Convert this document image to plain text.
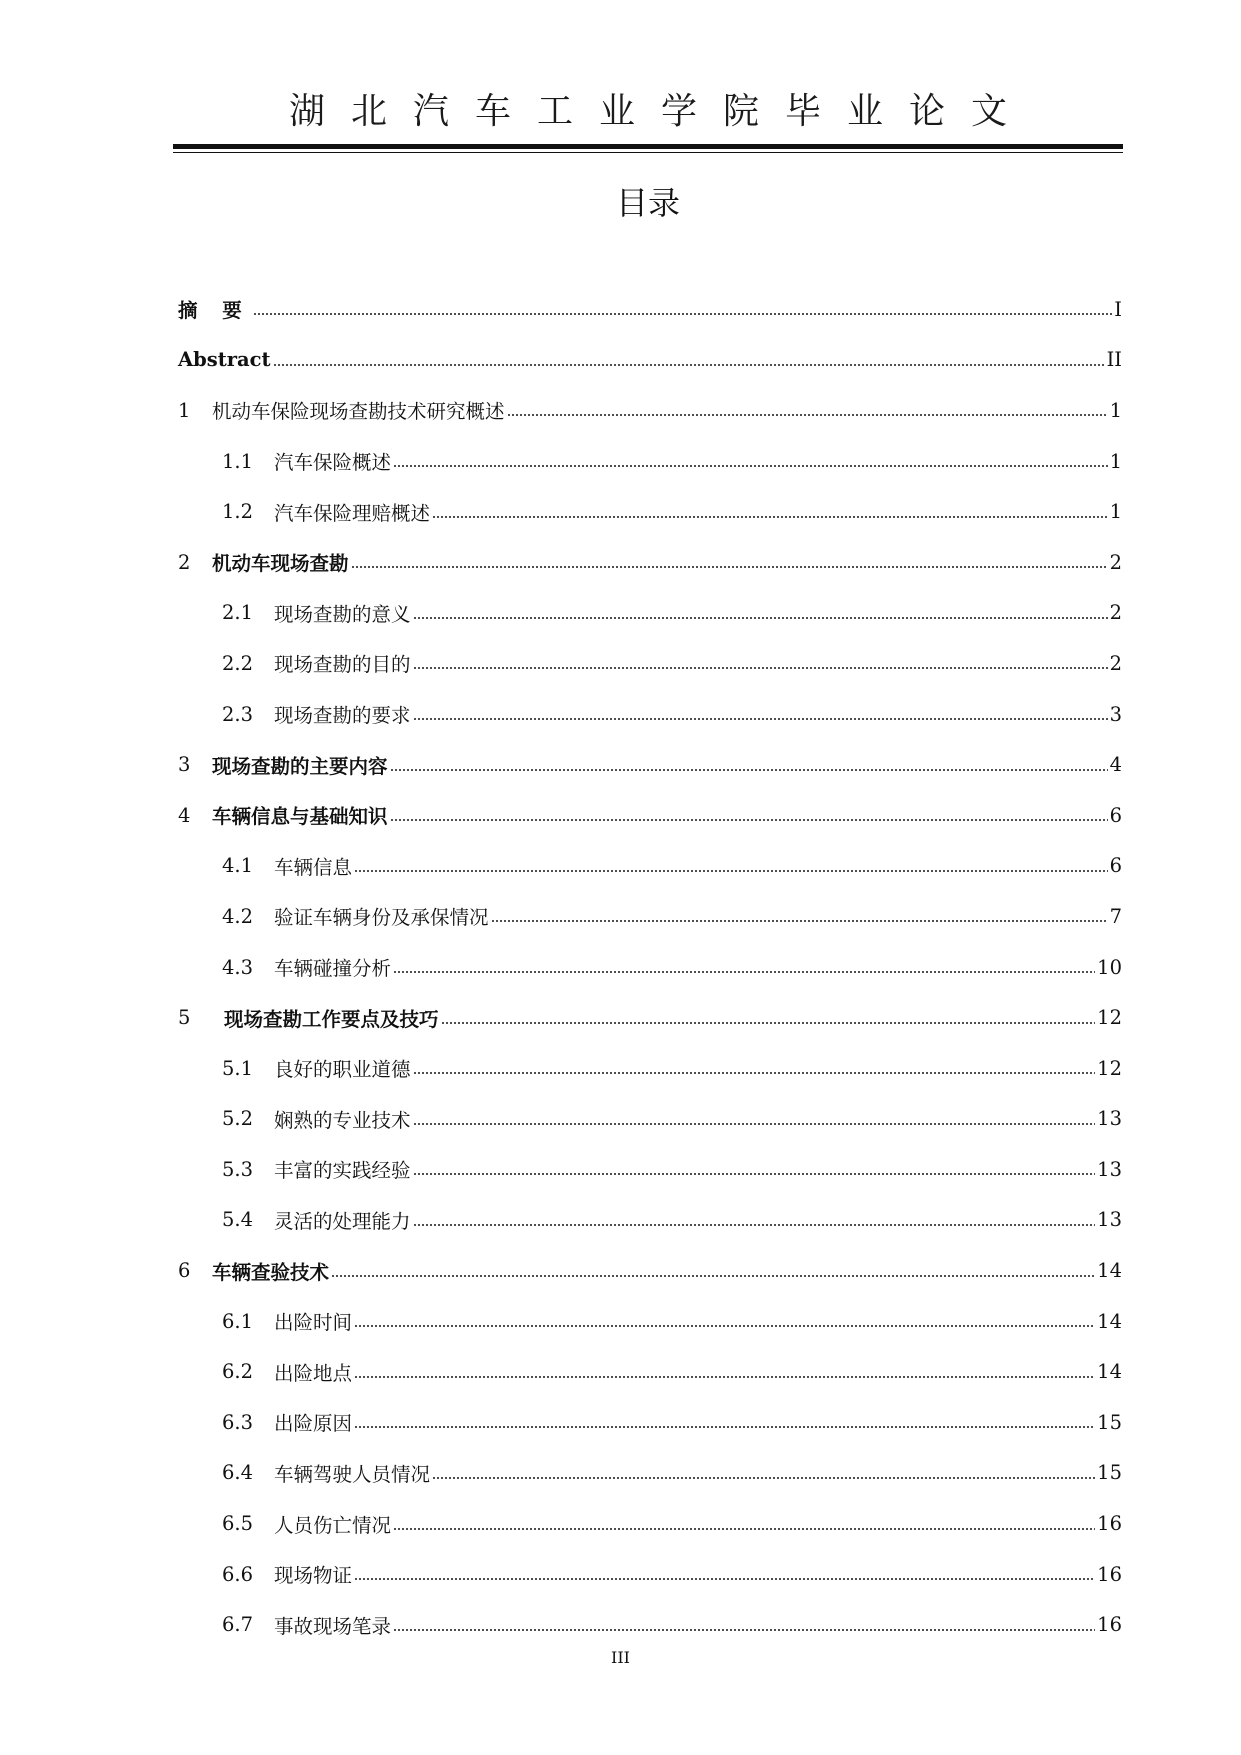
湖北汽车工业学院毕业论文
目录
摘 要	I
Abstract	II
1	机动车保险现场查勘技术研究概述	1
1.1	汽车保险概述	1
1.2	汽车保险理赔概述	1
2	机动车现场查勘	2
2.1	现场查勘的意义	2
2.2	现场查勘的目的	2
2.3	现场查勘的要求	3
3	现场查勘的主要内容	4
4	车辆信息与基础知识	6
4.1	车辆信息	6
4.2	验证车辆身份及承保情况	7
4.3	车辆碰撞分析	10
5	现场查勘工作要点及技巧	12
5.1	良好的职业道德	12
5.2	娴熟的专业技术	13
5.3	丰富的实践经验	13
5.4	灵活的处理能力	13
6	车辆查验技术	14
6.1	出险时间	14
6.2	出险地点	14
6.3	出险原因	15
6.4	车辆驾驶人员情况	15
6.5	人员伤亡情况	16
6.6	现场物证	16
6.7	事故现场笔录	16
III
